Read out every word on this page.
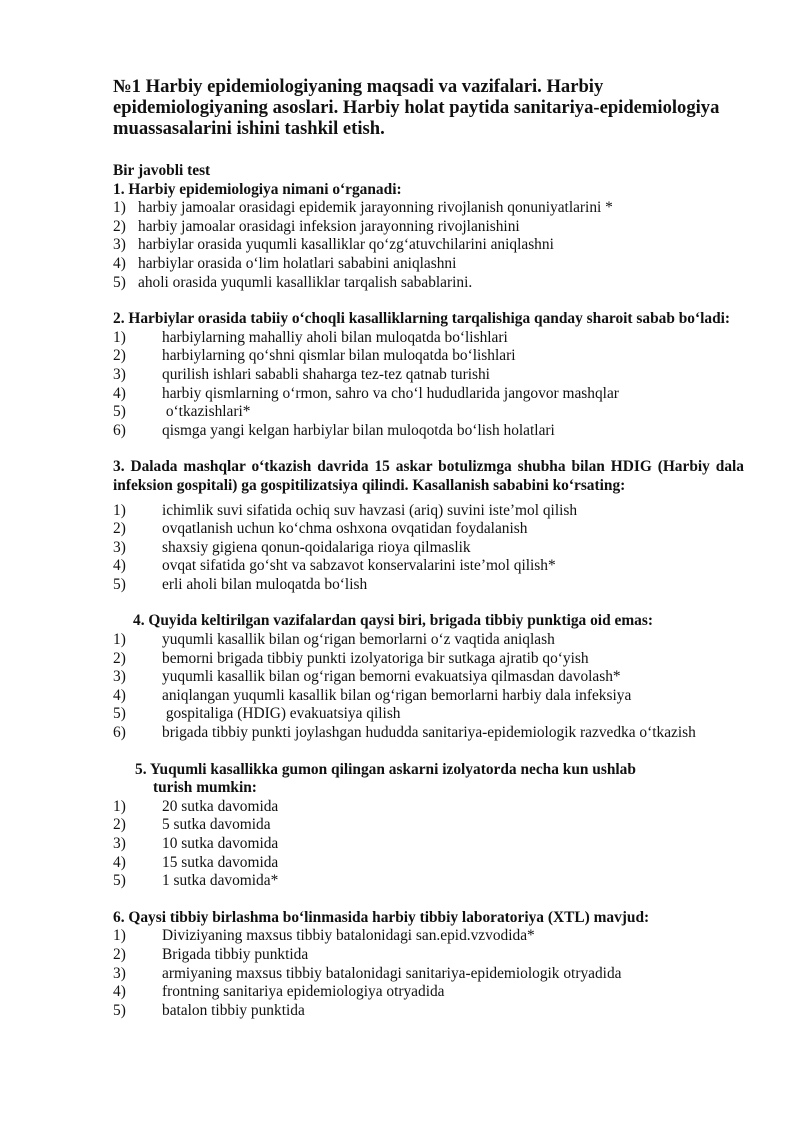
№1 Harbiy epidemiologiyaning maqsadi va vazifalari. Harbiy epidemiologiyaning asoslari. Harbiy holat paytida sanitariya-epidemiologiya muassasalarini ishini tashkil etish.
Bir javobli test
1. Harbiy epidemiologiya nimani o‘rganadi:
1) harbiy jamoalar orasidagi epidemik jarayonning rivojlanish qonuniyatlarini *
2) harbiy jamoalar orasidagi infeksion jarayonning rivojlanishini
3) harbiylar orasida yuqumli kasalliklar qo‘zg‘atuvchilarini aniqlashni
4) harbiylar orasida o‘lim holatlari sababini aniqlashni
5) aholi orasida yuqumli kasalliklar tarqalish sabablarini.
2. Harbiylar orasida tabiiy o‘choqli kasalliklarning tarqalishiga qanday sharoit sabab bo‘ladi:
1)	harbiylarning mahalliy aholi bilan muloqatda bo‘lishlari
2)	harbiylarning qo‘shni qismlar bilan muloqatda bo‘lishlari
3)	qurilish ishlari sababli shaharga tez-tez qatnab turishi
4)	harbiy qismlarning o‘rmon, sahro va cho‘l hududlarida jangovor mashqlar
5)	o‘tkazishlari*
6)	qismga yangi kelgan harbiylar bilan muloqotda bo‘lish holatlari
3. Dalada mashqlar o‘tkazish davrida 15 askar botulizmga shubha bilan HDIG (Harbiy dala infeksion gospitali) ga gospitilizatsiya qilindi. Kasallanish sababini ko‘rsating:
1)	ichimlik suvi sifatida ochiq suv havzasi (ariq) suvini iste’mol qilish
2)	ovqatlanish uchun ko‘chma oshxona ovqatidan foydalanish
3)	shaxsiy gigiena qonun-qoidalariga rioya qilmaslik
4)	ovqat sifatida go‘sht va sabzavot konservalarini iste’mol qilish*
5)	erli aholi bilan muloqatda bo‘lish
4. Quyida keltirilgan vazifalardan qaysi biri, brigada tibbiy punktiga oid emas:
1)	yuqumli kasallik bilan og‘rigan bemorlarni o‘z vaqtida aniqlash
2)	bemorni brigada tibbiy punkti izolyatoriga bir sutkaga ajratib qo‘yish
3)	yuqumli kasallik bilan og‘rigan bemorni evakuatsiya qilmasdan davolash*
4)	aniqlangan yuqumli kasallik bilan og‘rigan bemorlarni harbiy dala infeksiya
5)	gospitaliga (HDIG) evakuatsiya qilish
6)	brigada tibbiy punkti joylashgan hududda sanitariya-epidemiologik razvedka o‘tkazish
5. Yuqumli kasallikka gumon qilingan askarni izolyatorda necha kun ushlab
turish mumkin:
1)	20 sutka davomida
2)	5 sutka davomida
3)	10 sutka davomida
4)	15 sutka davomida
5)	1 sutka davomida*
6. Qaysi tibbiy birlashma bo‘linmasida harbiy tibbiy laboratoriya (XTL) mavjud:
1)	Diviziyaning maxsus tibbiy batalonidagi san.epid.vzvodida*
2)	Brigada tibbiy punktida
3)	armiyaning maxsus tibbiy batalonidagi sanitariya-epidemiologik otryadida
4)	frontning sanitariya epidemiologiya otryadida
5)	batalon tibbiy punktida
